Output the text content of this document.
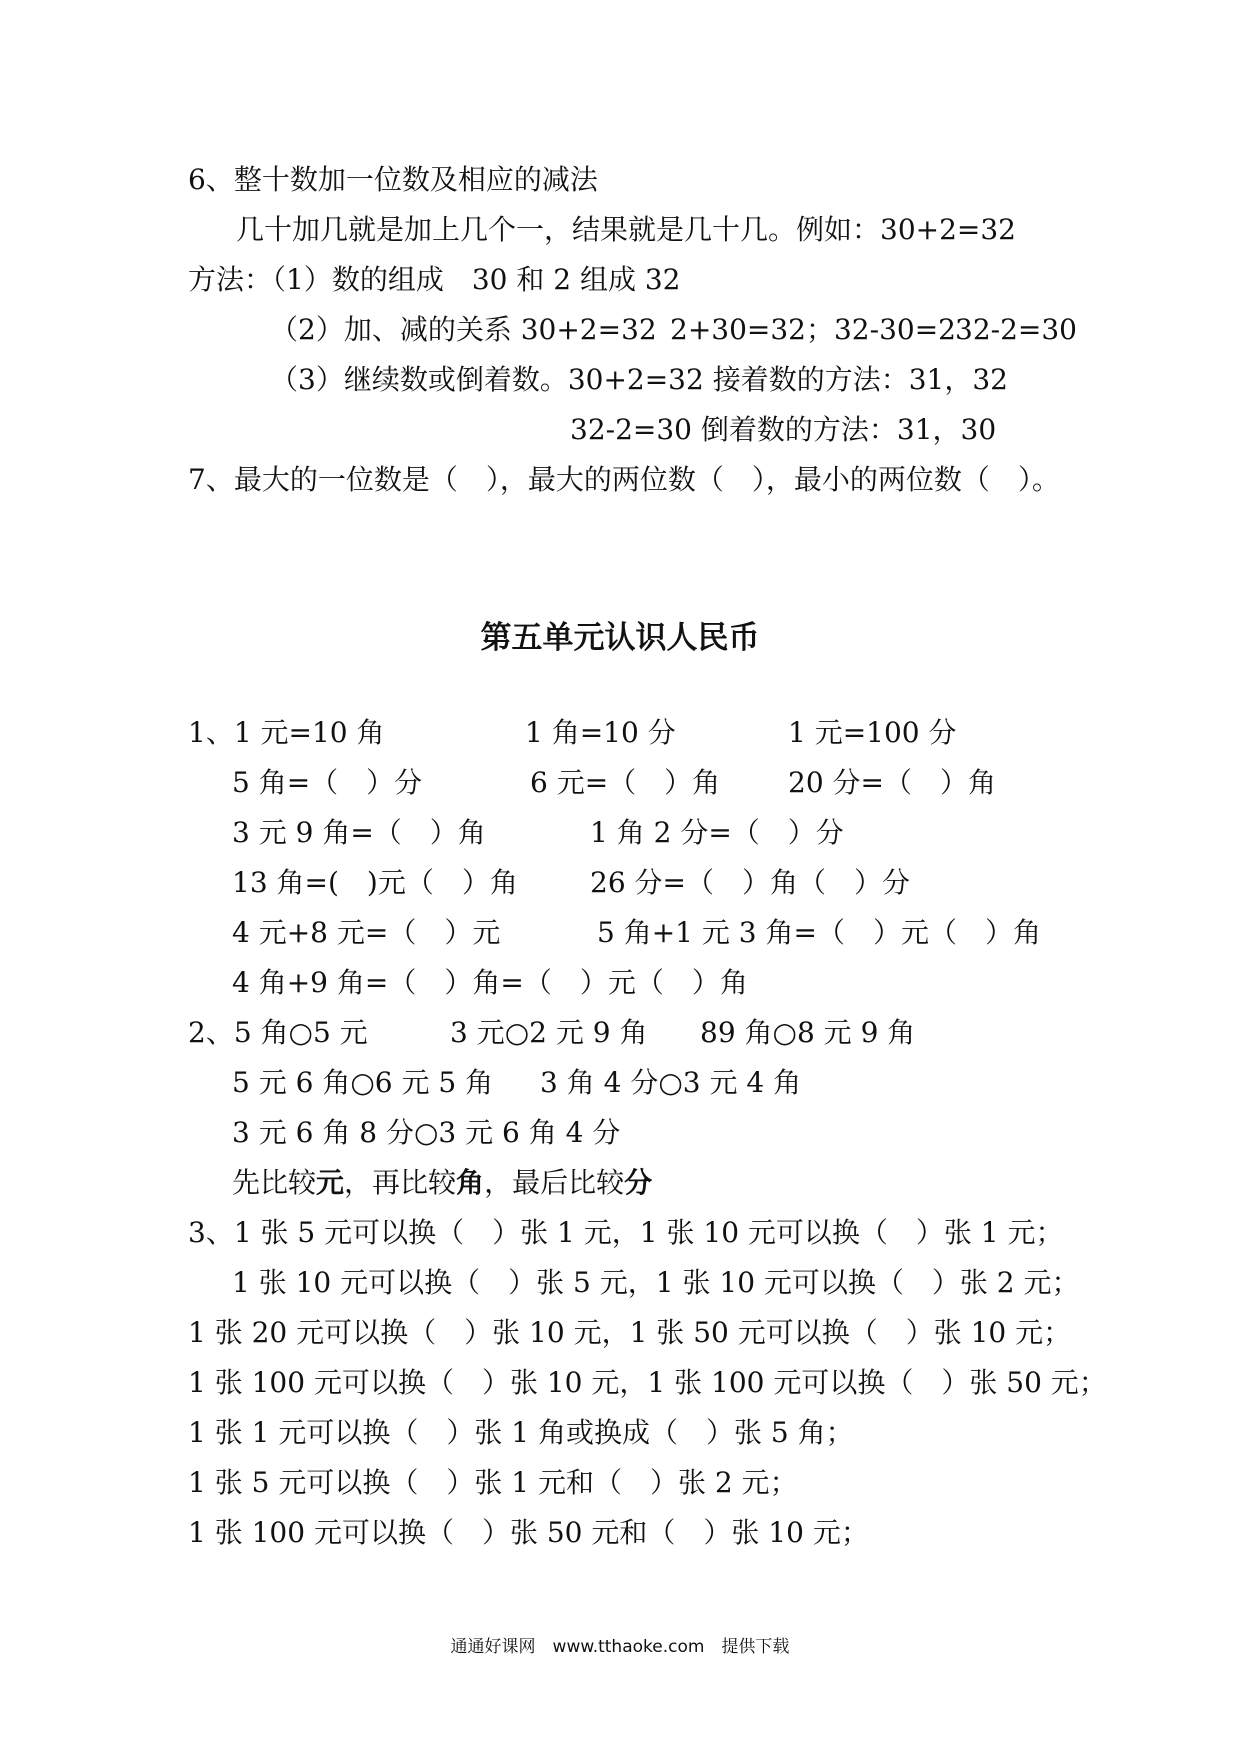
6、整十数加一位数及相应的减法
几十加几就是加上几个一，结果就是几十几。例如：30+2=32
方法：（1）数的组成　30 和 2 组成 32
（2）加、减的关系 30+2=32 2+30=32；32-30=2 32-2=30
（3）继续数或倒着数。30+2=32 接着数的方法：31，32
32-2=30 倒着数的方法：31，30
7、最大的一位数是（　），最大的两位数（　），最小的两位数（　）。
第五单元认识人民币
1、1 元=10 角	1 角=10 分	1 元=100 分
5 角=（　）分	6 元=（　）角 20 分=（　）角
3 元 9 角=（　）角	1 角 2 分=（　）分
13 角=(　)元（　）角	26 分=（　）角（　）分
4 元+8 元=（　）元	5 角+1 元 3 角=（　）元（　）角
4 角+9 角=（　）角=（　）元（　）角
2、5 角○5 元	3 元○2 元 9 角 89 角○8 元 9 角
5 元 6 角○6 元 5 角 3 角 4 分○3 元 4 角
3 元 6 角 8 分○3 元 6 角 4 分
先比较元，再比较角，最后比较分
3、1 张 5 元可以换（　）张 1 元，1 张 10 元可以换（　）张 1 元；
1 张 10 元可以换（　）张 5 元，1 张 10 元可以换（　）张 2 元；
1 张 20 元可以换（　）张 10 元，1 张 50 元可以换（　）张 10 元；
1 张 100 元可以换（　）张 10 元，1 张 100 元可以换（　）张 50 元；
1 张 1 元可以换（　）张 1 角或换成（　）张 5 角；
1 张 5 元可以换（　）张 1 元和（　）张 2 元；
1 张 100 元可以换（　）张 50 元和（　）张 10 元；
通通好课网　www.tthaoke.com　提供下载
